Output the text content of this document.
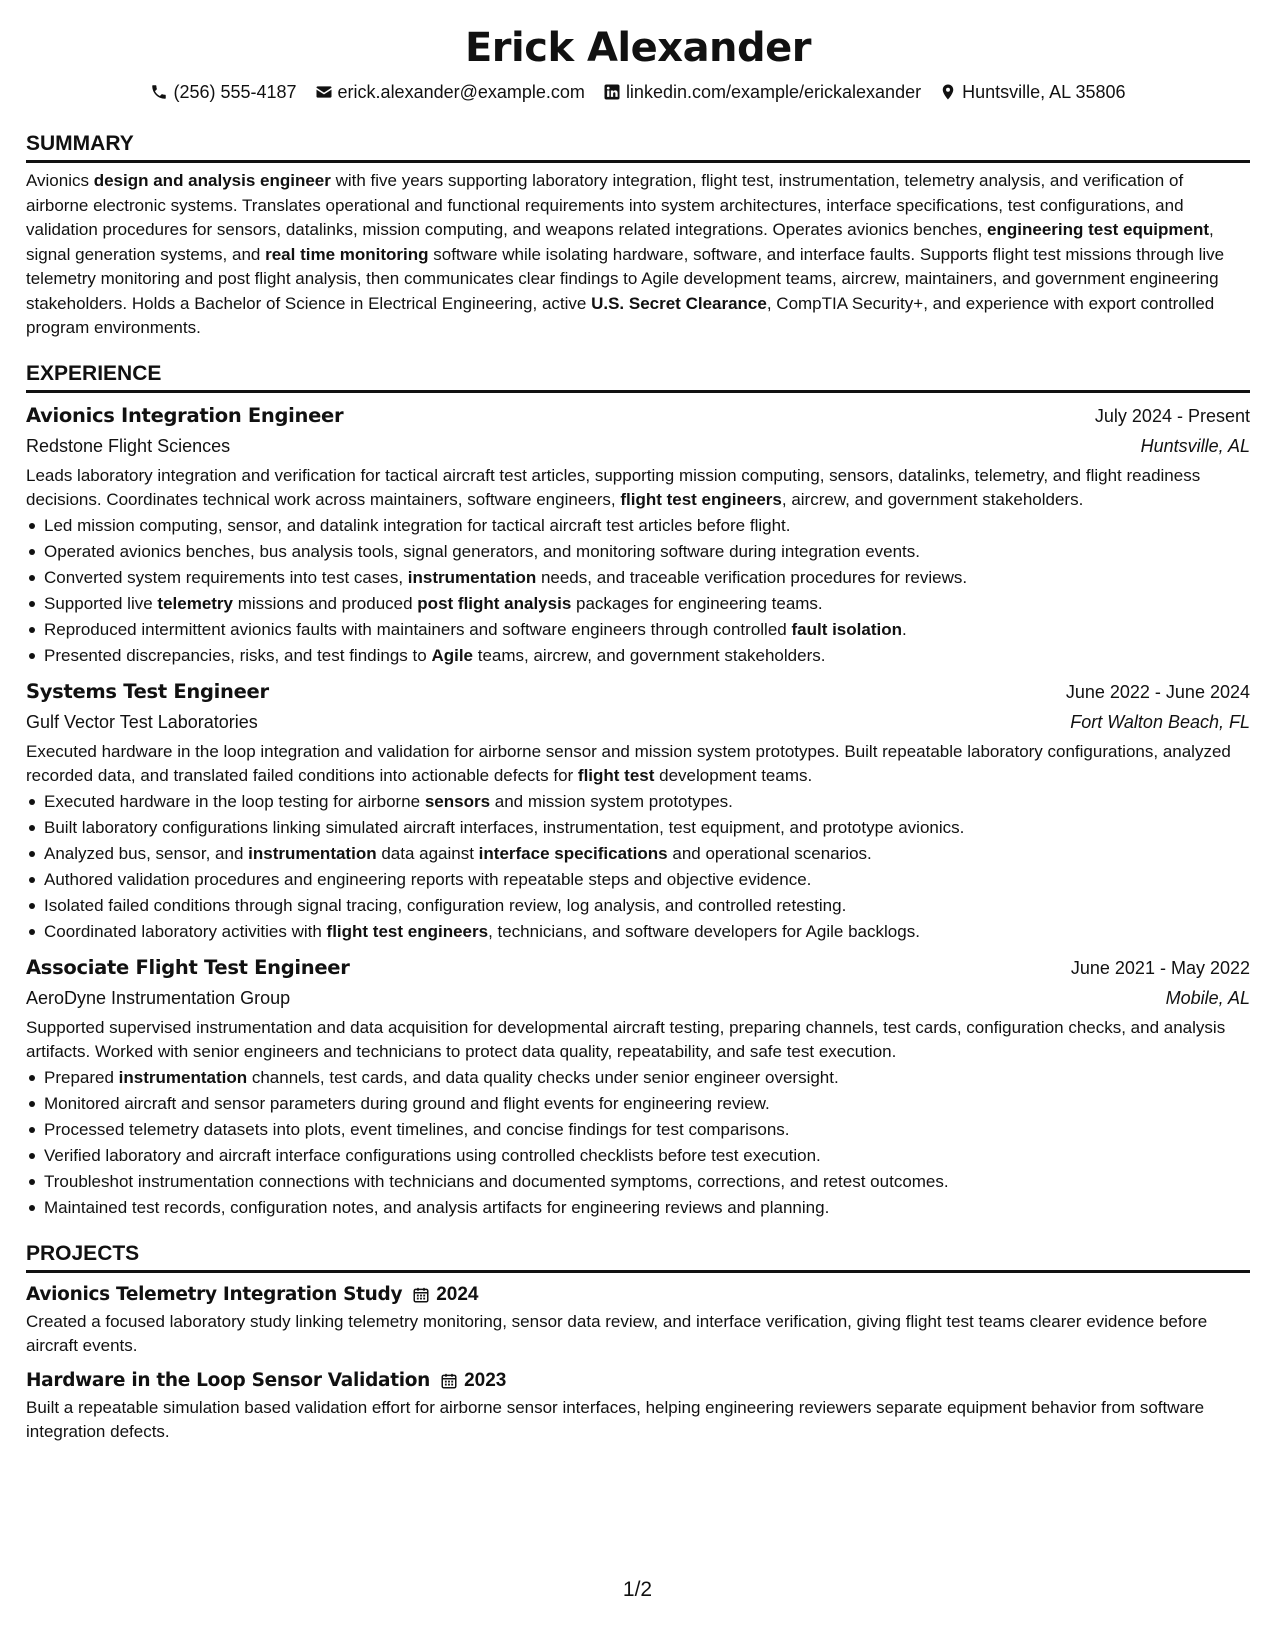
Erick Alexander
(256) 555-4187 erick.alexander@example.com linkedin.com/example/erickalexander Huntsville, AL 35806
SUMMARY

Avionics design and analysis engineer with five years supporting laboratory integration, flight test, instrumentation, telemetry analysis, and verification of airborne electronic systems. Translates operational and functional requirements into system architectures, interface specifications, test configurations, and validation procedures for sensors, datalinks, mission computing, and weapons related integrations. Operates avionics benches, engineering test equipment, signal generation systems, and real time monitoring software while isolating hardware, software, and interface faults. Supports flight test missions through live telemetry monitoring and post flight analysis, then communicates clear findings to Agile development teams, aircrew, maintainers, and government engineering stakeholders. Holds a Bachelor of Science in Electrical Engineering, active U.S. Secret Clearance, CompTIA Security+, and experience with export controlled program environments.

EXPERIENCE
Avionics Integration Engineer	July 2024 - Present
Redstone Flight Sciences	Huntsville, AL

Leads laboratory integration and verification for tactical aircraft test articles, supporting mission computing, sensors, datalinks, telemetry, and flight readiness decisions. Coordinates technical work across maintainers, software engineers, flight test engineers, aircrew, and government stakeholders.

Led mission computing, sensor, and datalink integration for tactical aircraft test articles before flight.
Operated avionics benches, bus analysis tools, signal generators, and monitoring software during integration events.
Converted system requirements into test cases, instrumentation needs, and traceable verification procedures for reviews.
Supported live telemetry missions and produced post flight analysis packages for engineering teams.
Reproduced intermittent avionics faults with maintainers and software engineers through controlled fault isolation.
Presented discrepancies, risks, and test findings to Agile teams, aircrew, and government stakeholders.
Systems Test Engineer	June 2022 - June 2024
Gulf Vector Test Laboratories	Fort Walton Beach, FL

Executed hardware in the loop integration and validation for airborne sensor and mission system prototypes. Built repeatable laboratory configurations, analyzed recorded data, and translated failed conditions into actionable defects for flight test development teams.

Executed hardware in the loop testing for airborne sensors and mission system prototypes.
Built laboratory configurations linking simulated aircraft interfaces, instrumentation, test equipment, and prototype avionics.
Analyzed bus, sensor, and instrumentation data against interface specifications and operational scenarios.
Authored validation procedures and engineering reports with repeatable steps and objective evidence.
Isolated failed conditions through signal tracing, configuration review, log analysis, and controlled retesting.
Coordinated laboratory activities with flight test engineers, technicians, and software developers for Agile backlogs.
Associate Flight Test Engineer	June 2021 - May 2022
AeroDyne Instrumentation Group	Mobile, AL

Supported supervised instrumentation and data acquisition for developmental aircraft testing, preparing channels, test cards, configuration checks, and analysis artifacts. Worked with senior engineers and technicians to protect data quality, repeatability, and safe test execution.

Prepared instrumentation channels, test cards, and data quality checks under senior engineer oversight.
Monitored aircraft and sensor parameters during ground and flight events for engineering review.
Processed telemetry datasets into plots, event timelines, and concise findings for test comparisons.
Verified laboratory and aircraft interface configurations using controlled checklists before test execution.
Troubleshot instrumentation connections with technicians and documented symptoms, corrections, and retest outcomes.
Maintained test records, configuration notes, and analysis artifacts for engineering reviews and planning.
PROJECTS
Avionics Telemetry Integration Study 2024

Created a focused laboratory study linking telemetry monitoring, sensor data review, and interface verification, giving flight test teams clearer evidence before aircraft events.

Hardware in the Loop Sensor Validation 2023

Built a repeatable simulation based validation effort for airborne sensor interfaces, helping engineering reviewers separate equipment behavior from software integration defects.

1/2
